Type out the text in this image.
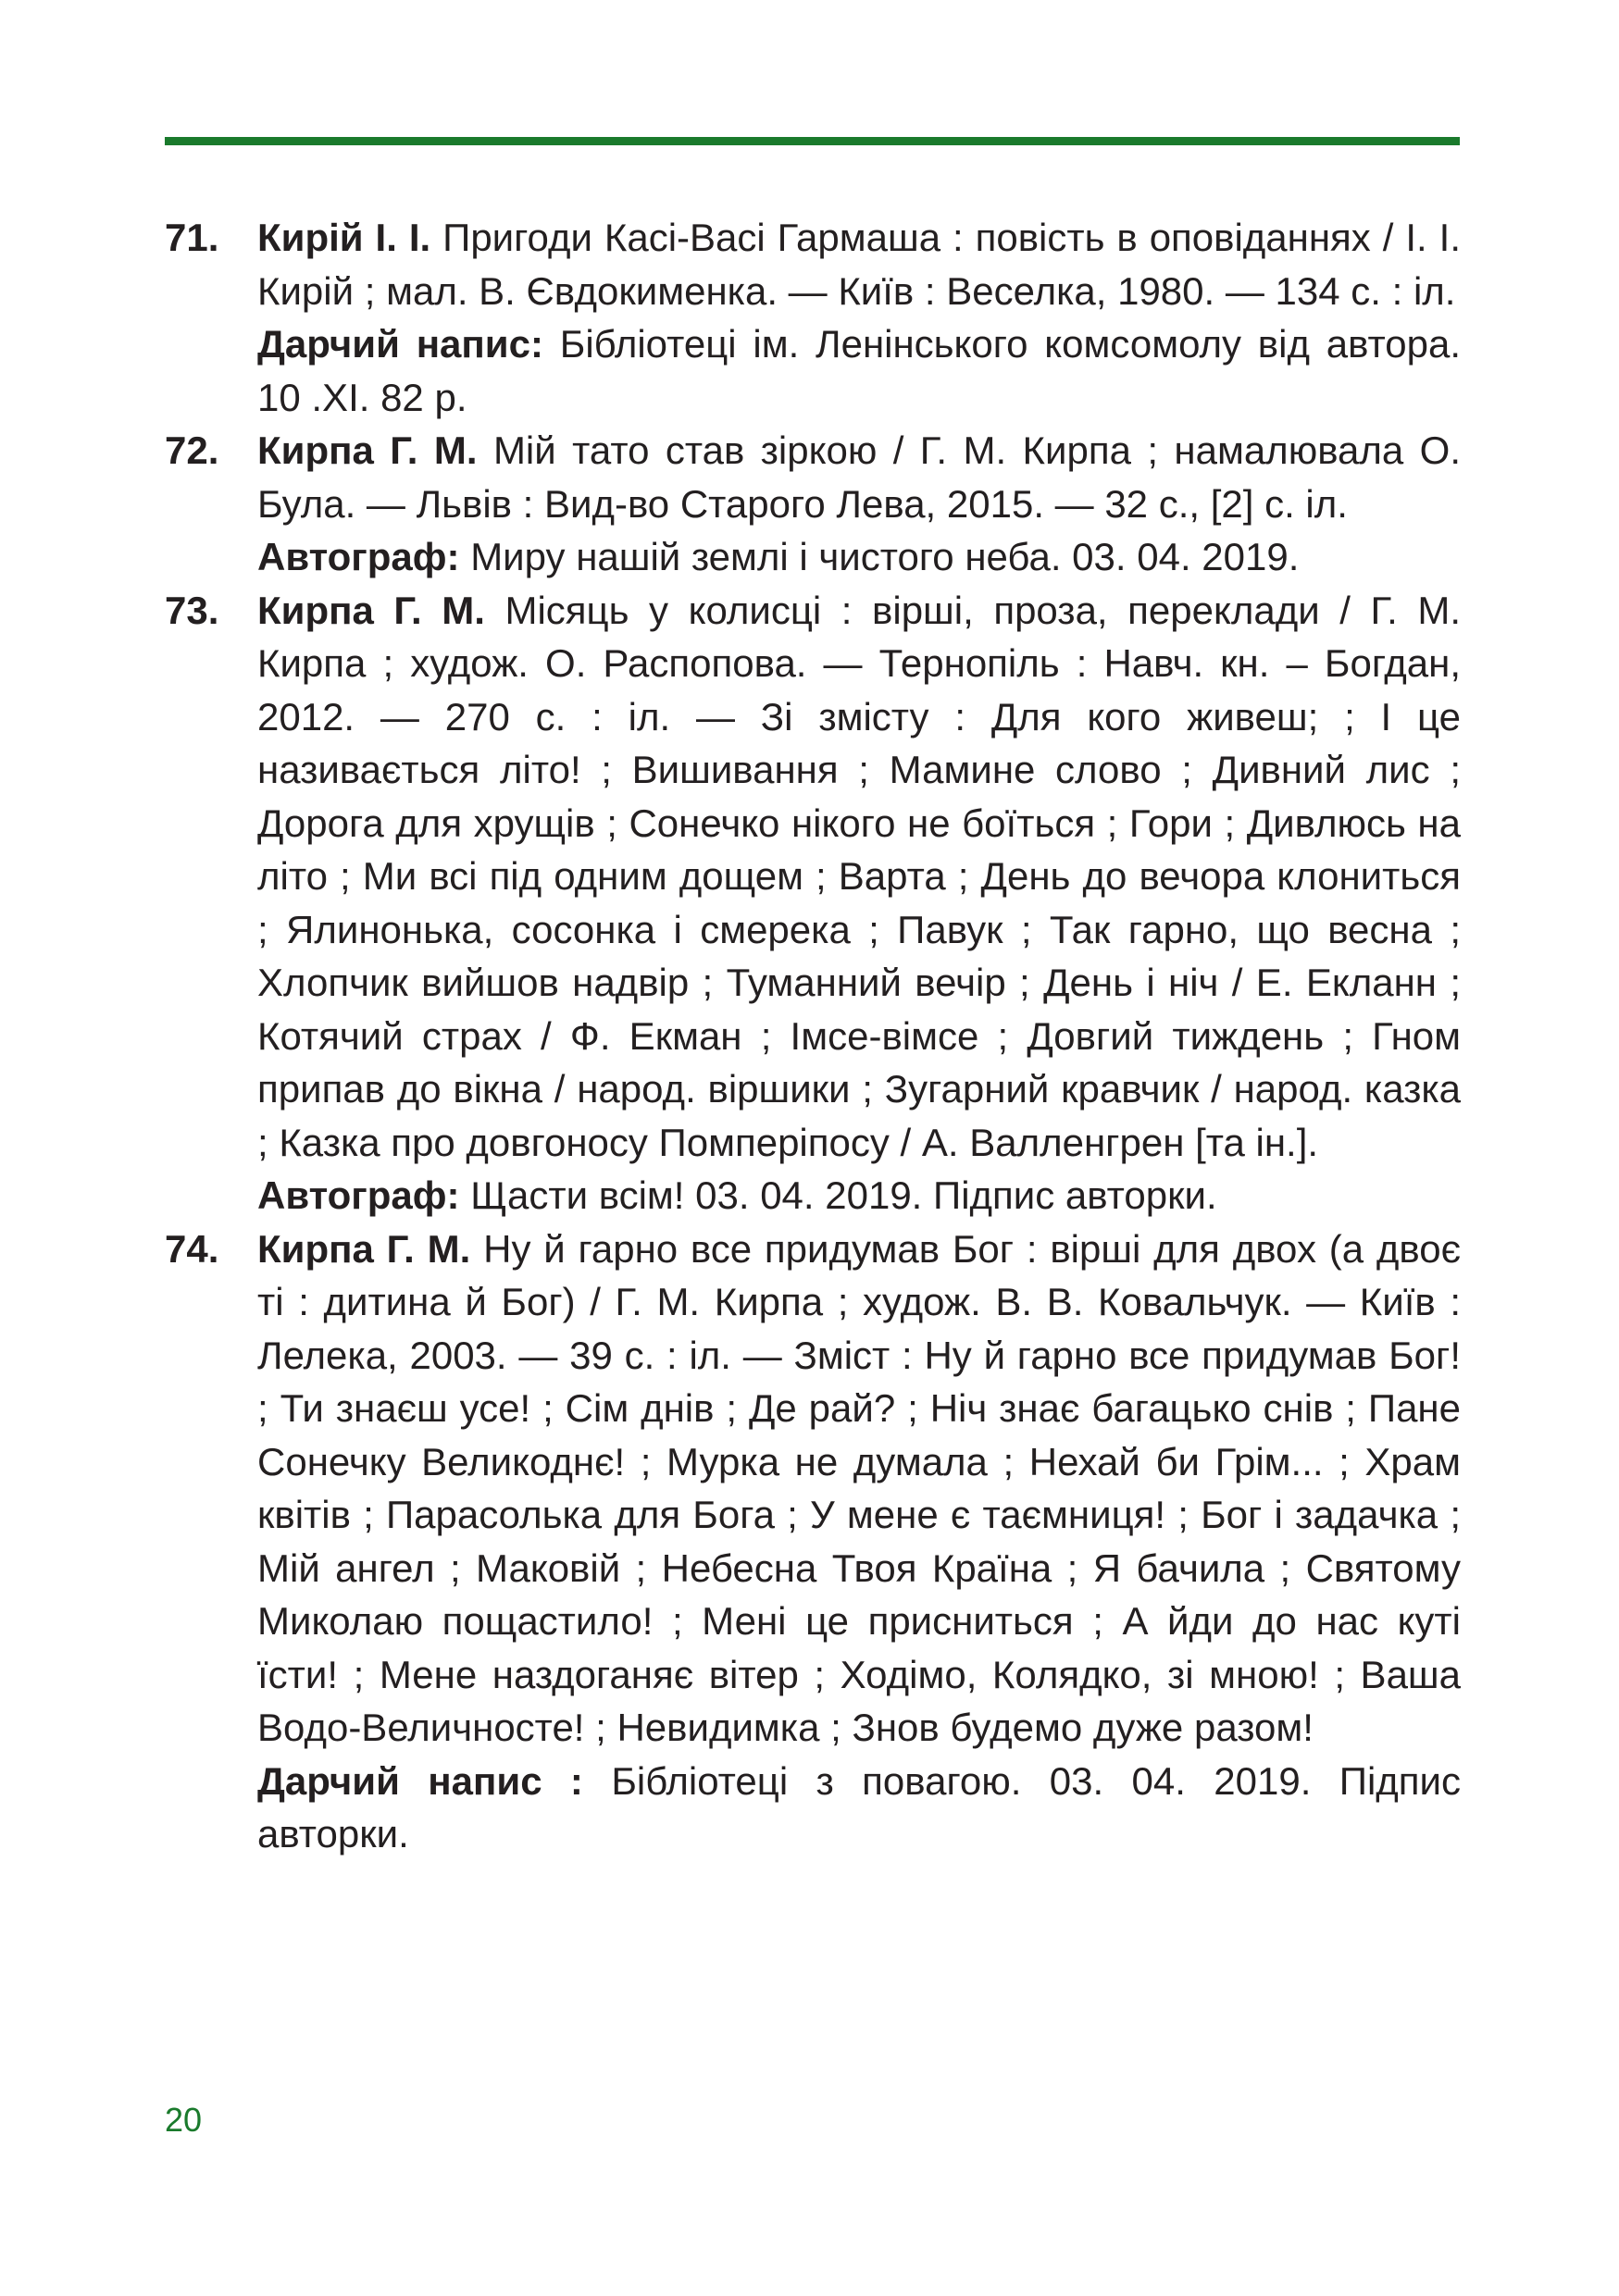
71. Кирій І. І. Пригоди Касі-Васі Гармаша : повість в оповіданнях / І. І. Кирій ; мал. В. Євдокименка. — Київ : Веселка, 1980. — 134 с. : іл.
Дарчий напис: Бібліотеці ім. Ленінського комсомолу від автора. 10 .XI. 82 р.
72. Кирпа Г. М. Мій тато став зіркою / Г. М. Кирпа ; намалювала О. Була. — Львів : Вид-во Старого Лева, 2015. — 32 с., [2] с. іл.
Автограф: Миру нашій землі і чистого неба. 03. 04. 2019.
73. Кирпа Г. М. Місяць у колисці : вірші, проза, переклади / Г. М. Кирпа ; худож. О. Распопова. — Тернопіль : Навч. кн. – Богдан, 2012. — 270 с. : іл. — Зі змісту : Для кого живеш; ; І це називається літо! ; Вишивання ; Мамине слово ; Дивний лис ; Дорога для хрущів ; Сонечко нікого не боїться ; Гори ; Дивлюсь на літо ; Ми всі під одним дощем ; Варта ; День до вечора клониться ; Ялинонька, сосонка і смерека ; Павук ; Так гарно, що весна ; Хлопчик вийшов надвір ; Туманний вечір ; День і ніч / Е. Екланн ; Котячий страх / Ф. Екман ; Імсе-вімсе ; Довгий тиждень ; Гном припав до вікна / народ. віршики ; Зугарний кравчик / народ. казка ; Казка про довгоносу Помперіпосу / А. Валленгрен [та ін.].
Автограф: Щасти всім! 03. 04. 2019. Підпис авторки.
74. Кирпа Г. М. Ну й гарно все придумав Бог : вірші для двох (а двоє ті : дитина й Бог) / Г. М. Кирпа ; худож. В. В. Ковальчук. — Київ : Лелека, 2003. — 39 с. : іл. — Зміст : Ну й гарно все придумав Бог! ; Ти знаєш усе! ; Сім днів ; Де рай? ; Ніч знає багацько снів ; Пане Сонечку Великоднє! ; Мурка не думала ; Нехай би Грім... ; Храм квітів ; Парасолька для Бога ; У мене є таємниця! ; Бог і задачка ; Мій ангел ; Маковій ; Небесна Твоя Країна ; Я бачила ; Святому Миколаю пощастило! ; Мені це присниться ; А йди до нас куті їсти! ; Мене наздоганяє вітер ; Ходімо, Колядко, зі мною! ; Ваша Водо-Величносте! ; Невидимка ; Знов будемо дуже разом!
Дарчий напис : Бібліотеці з повагою. 03. 04. 2019. Підпис авторки.
20
